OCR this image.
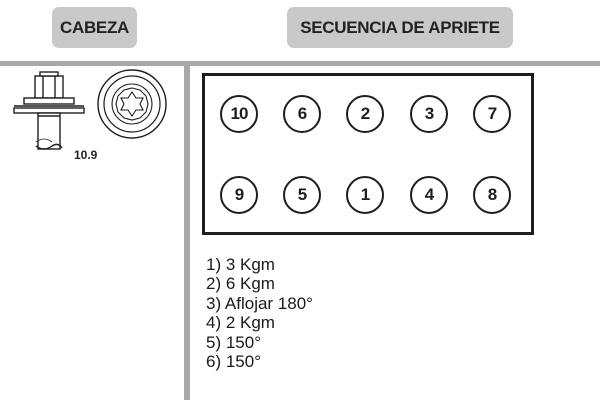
CABEZA	SECUENCIA DE APRIETE
10.9
10	6	2	3	7
9	5	1	4	8
1) 3 Kgm
2) 6 Kgm
3) Aflojar 180°
4) 2 Kgm
5) 150°
6) 150°
